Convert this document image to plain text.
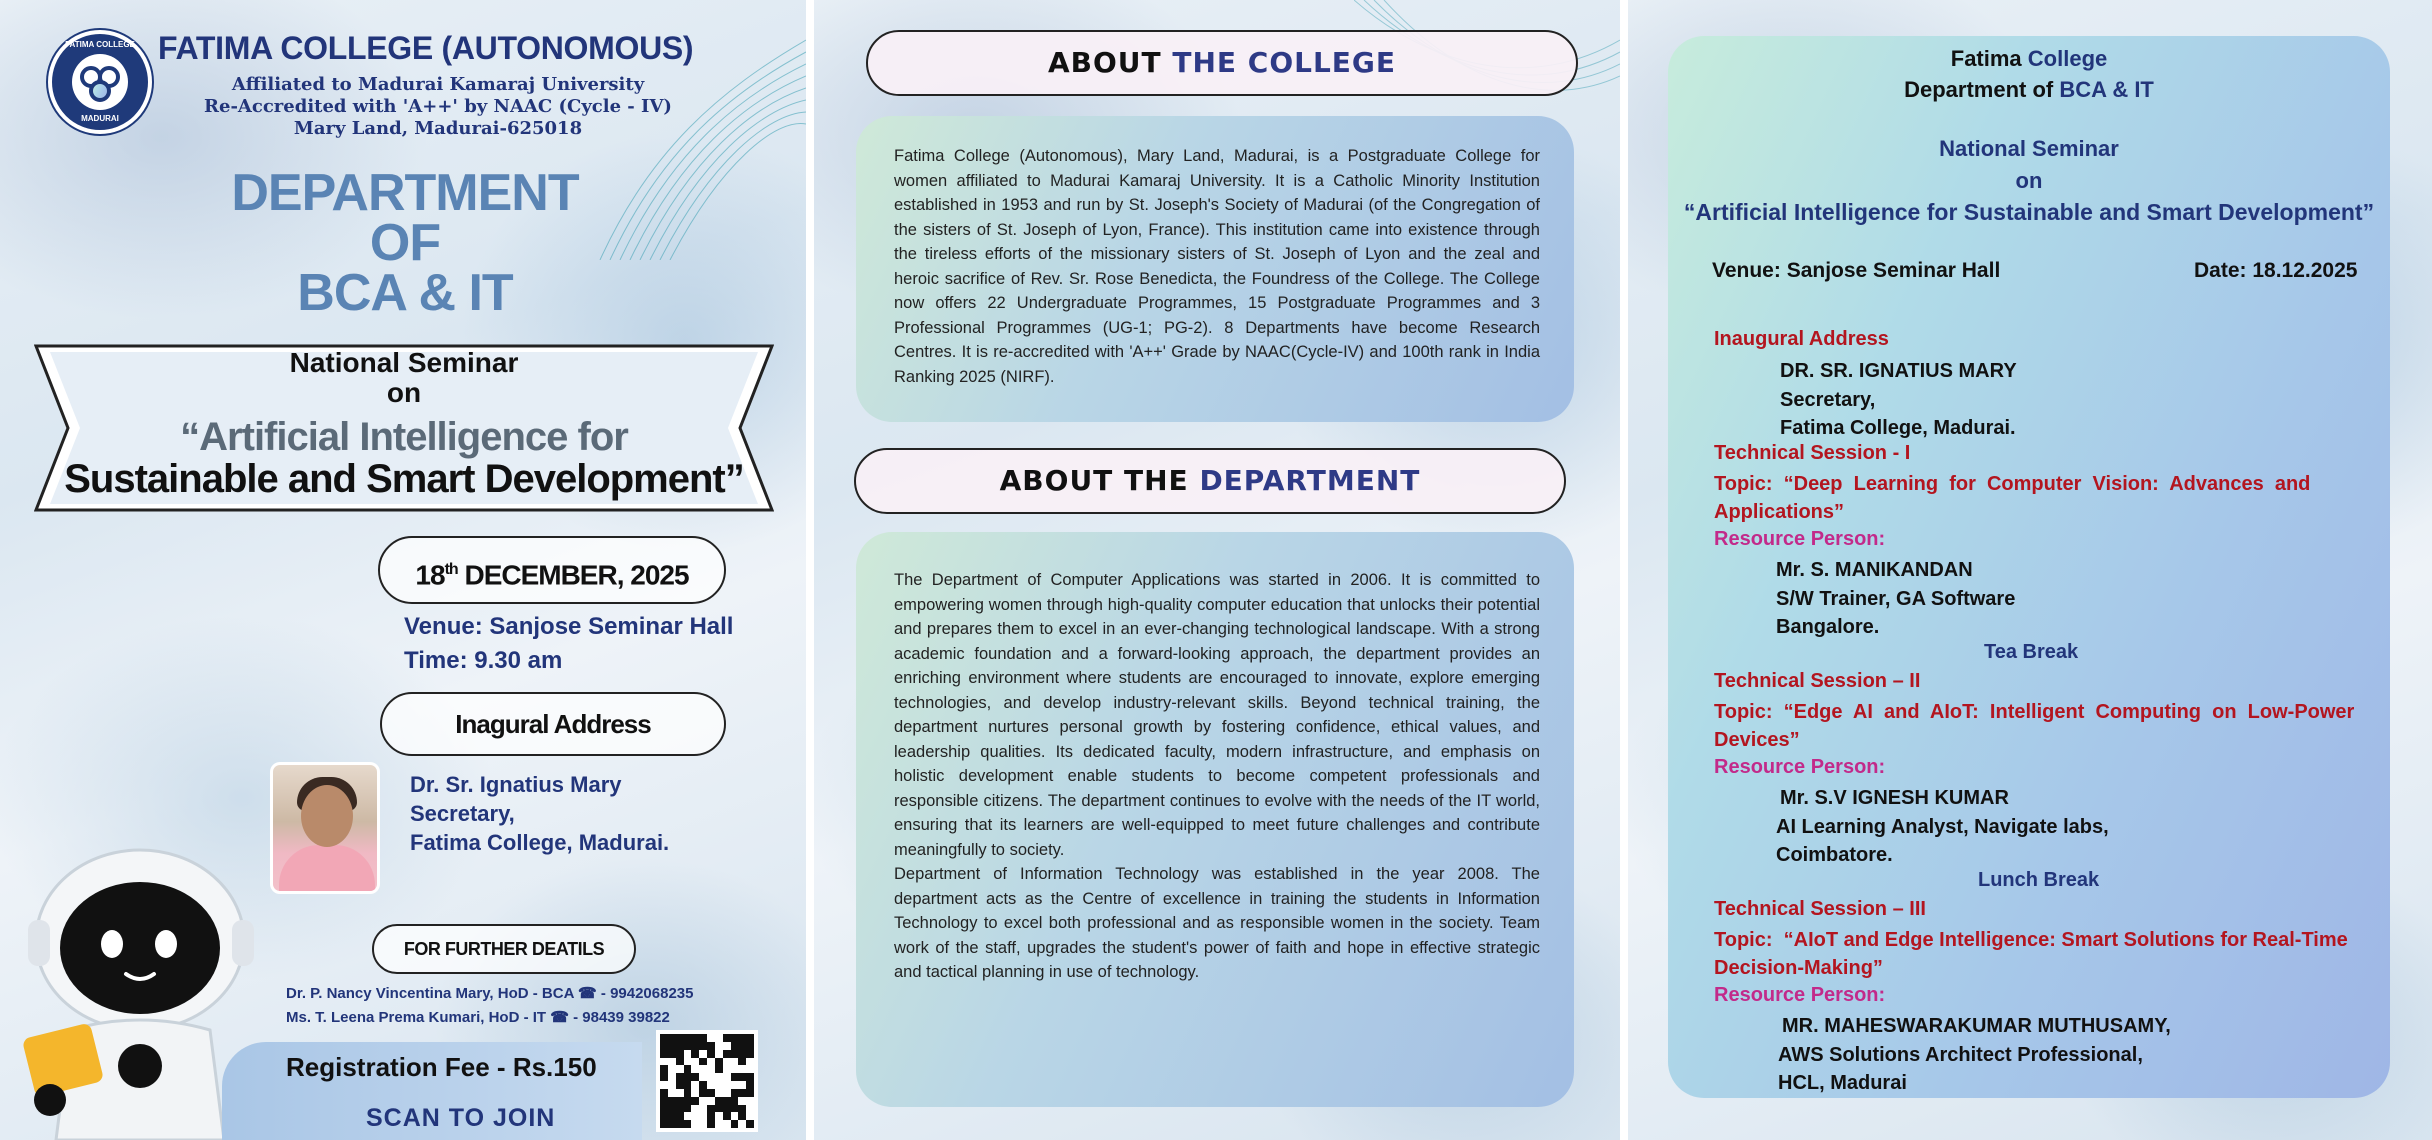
FATIMA COLLEGE
MADURAI
FATIMA COLLEGE (AUTONOMOUS)
Affiliated to Madurai Kamaraj University
Re-Accredited with 'A++' by NAAC (Cycle - IV)
Mary Land, Madurai-625018
DEPARTMENT
OF
BCA & IT
National Seminar
on
“Artificial Intelligence for
Sustainable and Smart Development”
18th DECEMBER, 2025
Venue: Sanjose Seminar Hall
Time: 9.30 am
Inagural Address
Dr. Sr. Ignatius Mary
Secretary,
Fatima College, Madurai.
FOR FURTHER DEATILS
Dr. P. Nancy Vincentina Mary, HoD - BCA ☎ - 9942068235
Ms. T. Leena Prema Kumari, HoD - IT ☎ - 98439 39822
Registration Fee - Rs.150
SCAN TO JOIN
ABOUT THE COLLEGE
Fatima College (Autonomous), Mary Land, Madurai, is a Postgraduate College for women affiliated to Madurai Kamaraj University. It is a Catholic Minority Institution established in 1953 and run by St. Joseph's Society of Madurai (of the Congregation of the sisters of St. Joseph of Lyon, France). This institution came into existence through the tireless efforts of the missionary sisters of St. Joseph of Lyon and the zeal and heroic sacrifice of Rev. Sr. Rose Benedicta, the Foundress of the College. The College now offers 22 Undergraduate Programmes, 15 Postgraduate Programmes and 3 Professional Programmes (UG-1; PG-2). 8 Departments have become Research Centres. It is re-accredited with 'A++' Grade by NAAC(Cycle-IV) and 100th rank in India Ranking 2025 (NIRF).
ABOUT THE DEPARTMENT
The Department of Computer Applications was started in 2006. It is committed to empowering women through high-quality computer education that unlocks their potential and prepares them to excel in an ever-changing technological landscape. With a strong academic foundation and a forward-looking approach, the department provides an enriching environment where students are encouraged to innovate, explore emerging technologies, and develop industry-relevant skills. Beyond technical training, the department nurtures personal growth by fostering confidence, ethical values, and leadership qualities. Its dedicated faculty, modern infrastructure, and emphasis on holistic development enable students to become competent professionals and responsible citizens. The department continues to evolve with the needs of the IT world, ensuring that its learners are well-equipped to meet future challenges and contribute meaningfully to society.
Department of Information Technology was established in the year 2008. The department acts as the Centre of excellence in training the students in Information Technology to excel both professional and as responsible women in the society. Team work of the staff, upgrades the student's power of faith and hope in effective strategic and tactical planning in use of technology.
Fatima College
Department of BCA & IT
National Seminar
on
“Artificial Intelligence for Sustainable and Smart Development”
Venue: Sanjose Seminar Hall	Date: 18.12.2025
Inaugural Address
DR. SR. IGNATIUS MARY
Secretary,
Fatima College, Madurai.
Technical Session - I
Topic:  “Deep  Learning  for  Computer  Vision:  Advances  and
Applications”
Resource Person:
Mr. S. MANIKANDAN
S/W Trainer, GA Software
Bangalore.
Tea Break
Technical Session – II
Topic:  “Edge  AI  and  AIoT:  Intelligent  Computing  on  Low-Power
Devices”
Resource Person:
Mr. S.V IGNESH KUMAR
AI Learning Analyst, Navigate labs,
Coimbatore.
Lunch Break
Technical Session – III
Topic:  “AIoT and Edge Intelligence: Smart Solutions for Real-Time
Decision-Making”
Resource Person:
MR. MAHESWARAKUMAR MUTHUSAMY,
AWS Solutions Architect Professional,
HCL, Madurai
